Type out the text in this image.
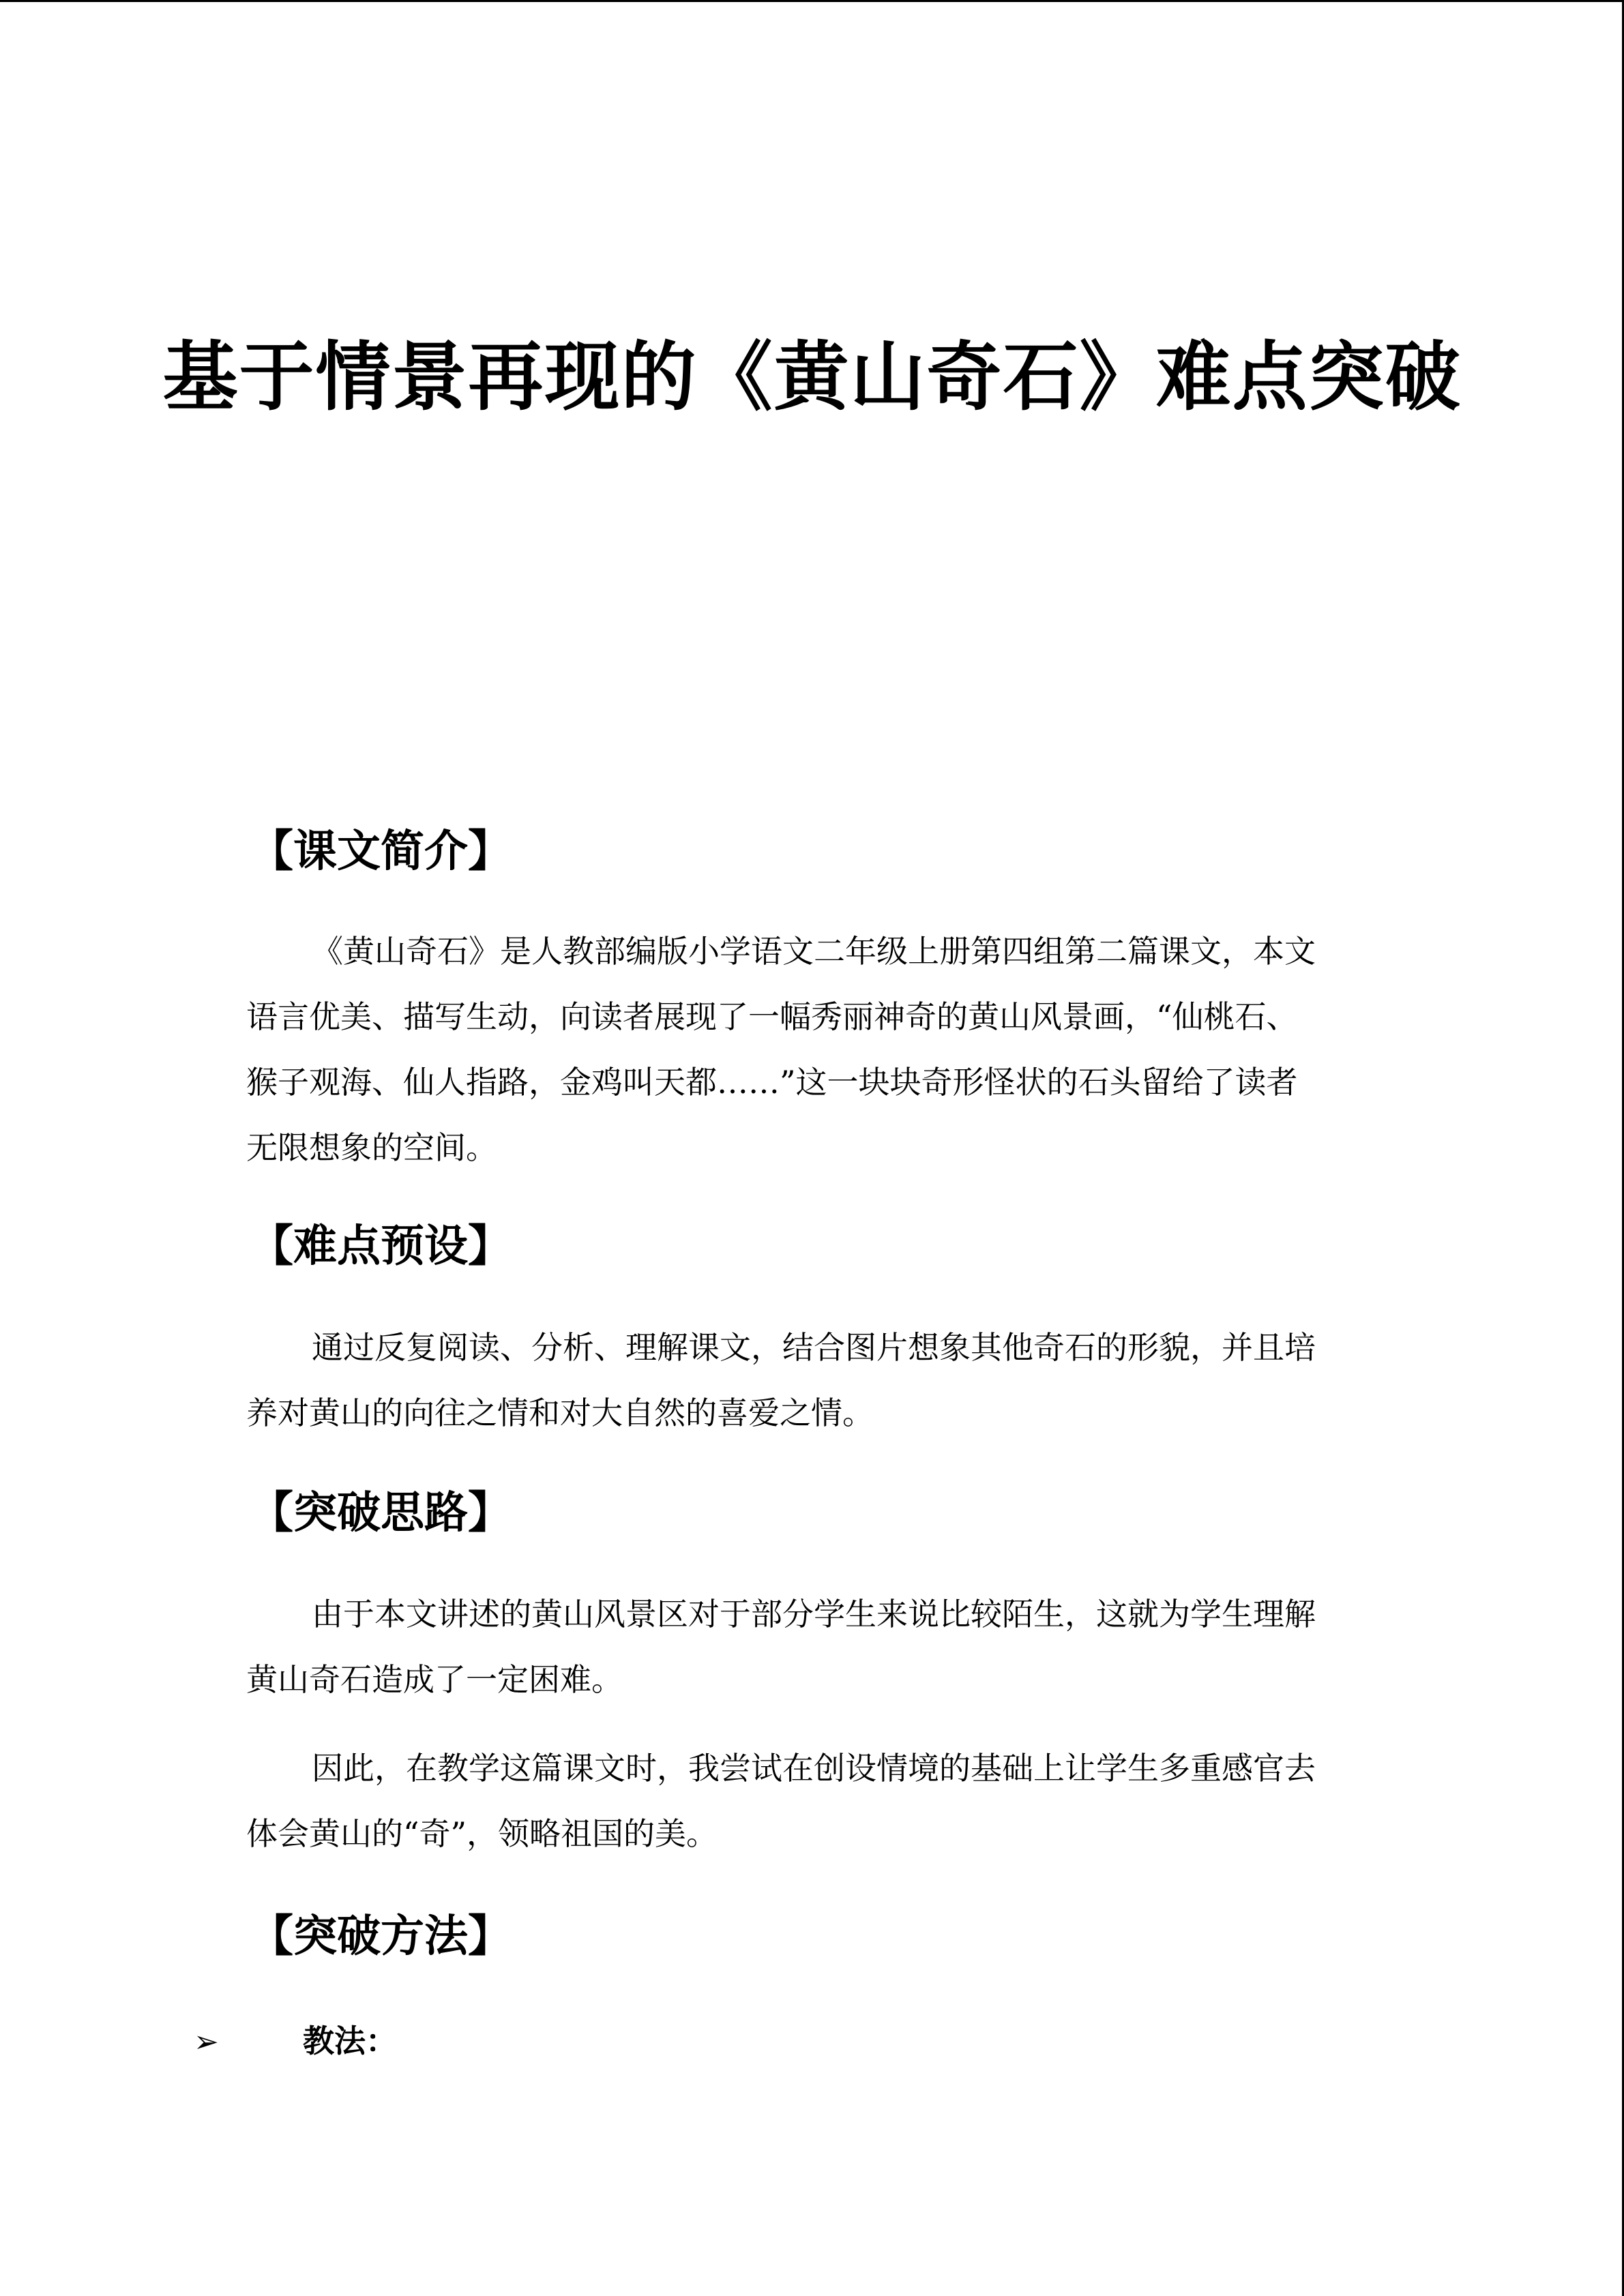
基于情景再现的《黄山奇石》难点突破
【课文简介】

《黄山奇石》是人教部编版小学语文二年级上册第四组第二篇课文，本文
语言优美、描写生动，向读者展现了一幅秀丽神奇的黄山风景画，“仙桃石、
猴子观海、仙人指路，金鸡叫天都……”这一块块奇形怪状的石头留给了读者
无限想象的空间。

【难点预设】

通过反复阅读、分析、理解课文，结合图片想象其他奇石的形貌，并且培
养对黄山的向往之情和对大自然的喜爱之情。

【突破思路】

由于本文讲述的黄山风景区对于部分学生来说比较陌生，这就为学生理解
黄山奇石造成了一定困难。

因此，在教学这篇课文时，我尝试在创设情境的基础上让学生多重感官去
体会黄山的“奇”，领略祖国的美。

【突破方法】
➢	教法：
